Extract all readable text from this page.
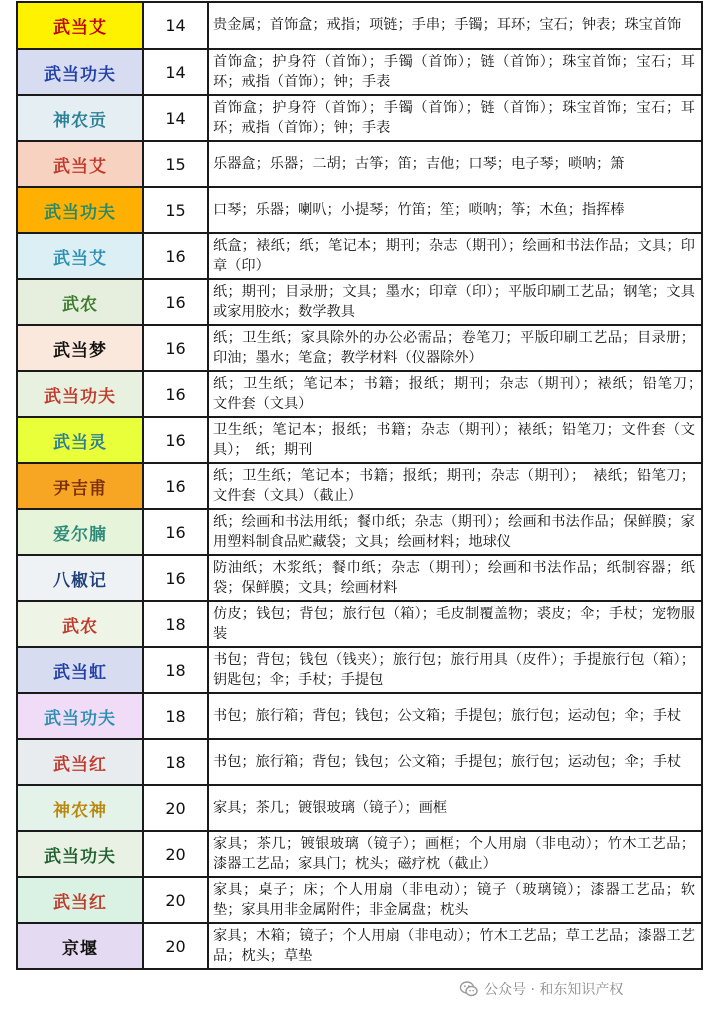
武当艾	14	贵金属；首饰盒；戒指；项链；手串；手镯；耳环；宝石；钟表；珠宝首饰
武当功夫	14	首饰盒；护身符（首饰）；手镯（首饰）；链（首饰）；珠宝首饰；宝石；耳环；戒指（首饰）；钟；手表
神农贡	14	首饰盒；护身符（首饰）；手镯（首饰）；链（首饰）；珠宝首饰；宝石；耳环；戒指（首饰）；钟；手表
武当艾	15	乐器盒；乐器；二胡；古筝；笛；吉他；口琴；电子琴；唢呐；箫
武当功夫	15	口琴；乐器；喇叭；小提琴；竹笛；笙；唢呐；筝；木鱼；指挥棒
武当艾	16	纸盒；裱纸；纸；笔记本；期刊；杂志（期刊）；绘画和书法作品；文具；印章（印）
武农	16	纸；期刊；目录册；文具；墨水；印章（印）；平版印刷工艺品；钢笔；文具或家用胶水；数学教具
武当梦	16	纸；卫生纸；家具除外的办公必需品；卷笔刀；平版印刷工艺品；目录册；印油；墨水；笔盒；教学材料（仪器除外）
武当功夫	16	纸；卫生纸；笔记本；书籍；报纸；期刊；杂志（期刊）；裱纸；铅笔刀；　文件套（文具）
武当灵	16	卫生纸；笔记本；报纸；书籍；杂志（期刊）；裱纸；铅笔刀；文件套（文具）；　纸；期刊
尹吉甫	16	纸；卫生纸；笔记本；书籍；报纸；期刊；杂志（期刊）；　裱纸；铅笔刀；文件套（文具）（截止）
爱尔腩	16	纸；绘画和书法用纸；餐巾纸；杂志（期刊）；绘画和书法作品；保鲜膜；家用塑料制食品贮藏袋；文具；绘画材料；地球仪
八椒记	16	防油纸；木浆纸；餐巾纸；杂志（期刊）；绘画和书法作品；纸制容器；纸袋；保鲜膜；文具；绘画材料
武农	18	仿皮；钱包；背包；旅行包（箱）；毛皮制覆盖物；裘皮；伞；手杖；宠物服装
武当虹	18	书包；背包；钱包（钱夹）；旅行包；旅行用具（皮件）；手提旅行包（箱）；钥匙包；伞；手杖；手提包
武当功夫	18	书包；旅行箱；背包；钱包；公文箱；手提包；旅行包；运动包；伞；手杖
武当红	18	书包；旅行箱；背包；钱包；公文箱；手提包；旅行包；运动包；伞；手杖
神农神	20	家具；茶几；镀银玻璃（镜子）；画框
武当功夫	20	家具；茶几；镀银玻璃（镜子）；画框；个人用扇（非电动）；竹木工艺品；漆器工艺品；家具门；枕头；磁疗枕（截止）
武当红	20	家具；桌子；床；个人用扇（非电动）；镜子（玻璃镜）；漆器工艺品；软垫；家具用非金属附件；非金属盘；枕头
京堰	20	家具；木箱；镜子；个人用扇（非电动）；竹木工艺品；草工艺品；漆器工艺品；枕头；草垫
公众号 · 和东知识产权
